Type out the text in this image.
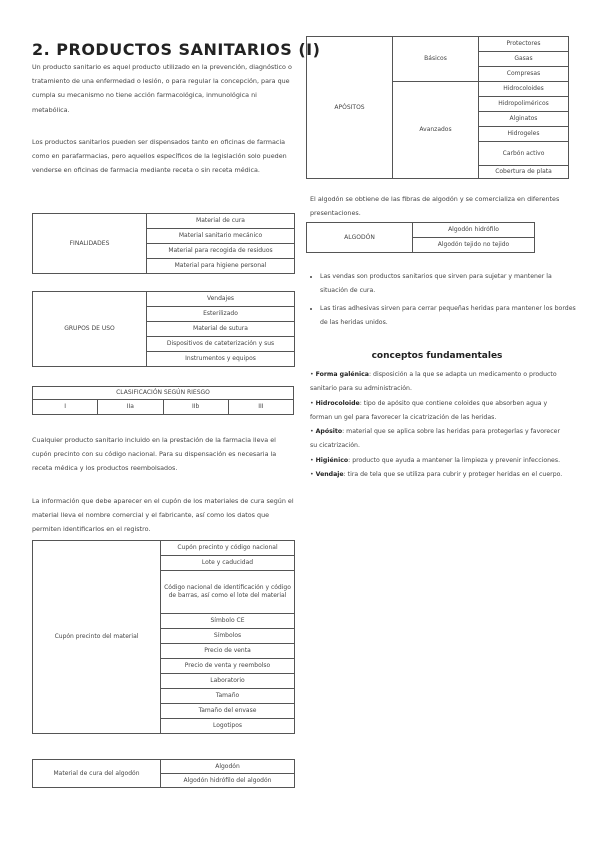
2. PRODUCTOS SANITARIOS (I)
Un producto sanitario es aquel producto utilizado en la prevención, diagnóstico o tratamiento de una enfermedad o lesión, o para regular la concepción, para que cumpla su mecanismo no tiene acción farmacológica, inmunológica ni metabólica.
Los productos sanitarios pueden ser dispensados tanto en oficinas de farmacia como en parafarmacias, pero aquellos específicos de la legislación solo pueden venderse en oficinas de farmacia mediante receta o sin receta médica.
FINALIDADES	Material de cura
Material sanitario mecánico
Material para recogida de residuos
Material para higiene personal
GRUPOS DE USO	Vendajes
Esterilizado
Material de sutura
Dispositivos de cateterización y sus
Instrumentos y equipos
CLASIFICACIÓN SEGÚN RIESGO
I	IIa	IIb	III
Cualquier producto sanitario incluido en la prestación de la farmacia lleva el cupón precinto con su código nacional. Para su dispensación es necesaria la receta médica y los productos reembolsados.
La información que debe aparecer en el cupón de los materiales de cura según el material lleva el nombre comercial y el fabricante, así como los datos que permiten identificarlos en el registro.
Cupón precinto del material	Cupón precinto y código nacional
Lote y caducidad
Código nacional de identificación y código de barras, así como el lote del material
Símbolo CE
Símbolos
Precio de venta
Precio de venta y reembolso
Laboratorio
Tamaño
Tamaño del envase
Logotipos
Material de cura del algodón	Algodón
Algodón hidrófilo del algodón
APÓSITOS	Básicos	Protectores
		Gasas
		Compresas
	Avanzados	Hidrocoloides
		Hidropoliméricos
		Alginatos
		Hidrogeles
		Carbón activo
		Cobertura de plata
El algodón se obtiene de las fibras de algodón y se comercializa en diferentes presentaciones.
ALGODÓN	Algodón hidrófilo
Algodón tejido no tejido
• Las vendas son productos sanitarios que sirven para sujetar y mantener la situación de cura.
• Las tiras adhesivas sirven para cerrar pequeñas heridas para mantener los bordes de las heridas unidos.
conceptos fundamentales
• Forma galénica: disposición a la que se adapta un medicamento o producto sanitario para su administración.
• Hidrocoloide: tipo de apósito que contiene coloides que absorben agua y forman un gel para favorecer la cicatrización de las heridas.
• Apósito: material que se aplica sobre las heridas para protegerlas y favorecer su cicatrización.
• Higiénico: producto que ayuda a mantener la limpieza y prevenir infecciones.
• Vendaje: tira de tela que se utiliza para cubrir y proteger heridas en el cuerpo.
